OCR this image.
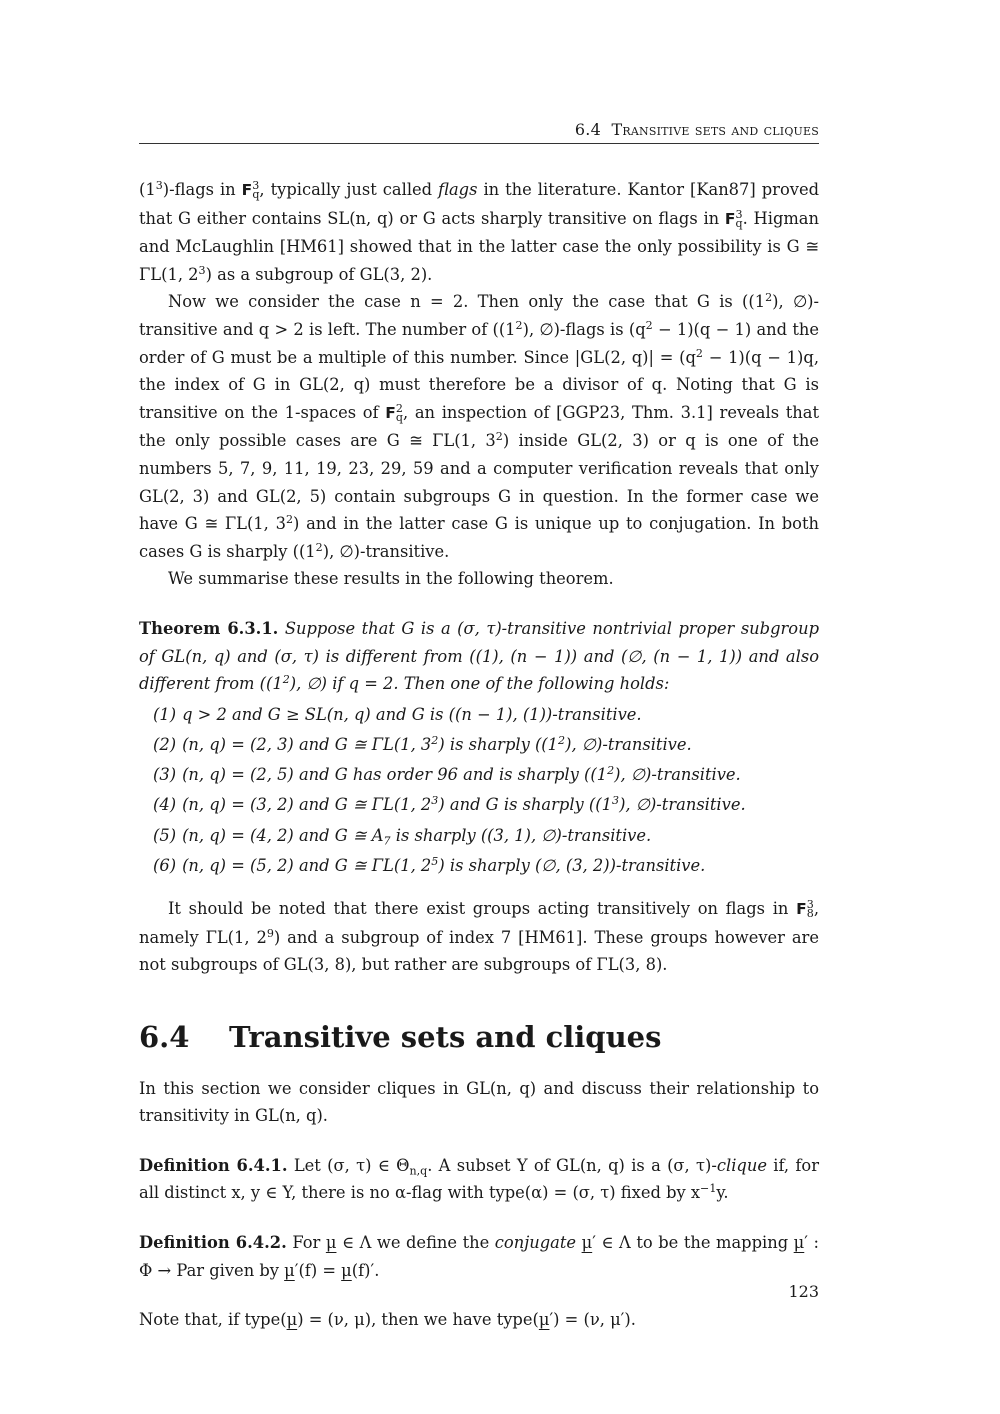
6.4 Transitive sets and cliques

$(1^3)$-flags in $F^3_q$, typically just called flags in the literature. Kantor [Kan87] proved that G either contains SL(n, q) or G acts sharply transitive on flags in $F^3_q$. Higman and McLaughlin [HM61] showed that in the latter case the only possibility is G ≅ ΓL(1, $2^3$) as a subgroup of GL(3, 2).

Now we consider the case n = 2. Then only the case that G is ($(1^2)$, ∅)-transitive and q > 2 is left. The number of ($(1^2)$, ∅)-flags is $(q^2 - 1)(q - 1)$ and the order of G must be a multiple of this number. Since |GL(2, $q)| = (q^2 - 1)(q - 1)q$, the index of G in GL(2, q) must therefore be a divisor of q. Noting that G is transitive on the 1-spaces of $F^2_q$, an inspection of [GGP23, Thm. 3.1] reveals that the only possible cases are G ≅ ΓL(1, $3^2$) inside GL(2, 3) or q is one of the numbers 5, 7, 9, 11, 19, 23, 29, 59 and a computer verification reveals that only GL(2, 3) and GL(2, 5) contain subgroups G in question. In the former case we have G ≅ ΓL(1, $3^2$) and in the latter case G is unique up to conjugation. In both cases G is sharply ($(1^2)$, ∅)-transitive.

We summarise these results in the following theorem.

Theorem 6.3.1. Suppose that G is a (σ, τ)-transitive nontrivial proper subgroup of GL(n, q) and (σ, τ) is different from ((1), (n − 1)) and (∅, (n − 1, 1)) and also different from ($(1^2)$, ∅) if q = 2. Then one of the following holds:

(1) q > 2 and G ≥ SL(n, q) and G is ((n − 1), (1))-transitive.
(2) (n, q) = (2, 3) and G ≅ ΓL(1, $3^2$) is sharply ($(1^2)$, ∅)-transitive.
(3) (n, q) = (2, 5) and G has order 96 and is sharply ($(1^2)$, ∅)-transitive.
(4) (n, q) = (3, 2) and G ≅ ΓL(1, $2^3$) and G is sharply ($(1^3)$, ∅)-transitive.
(5) (n, q) = (4, 2) and G ≅ $A_7$ is sharply ((3, 1), ∅)-transitive.
(6) (n, q) = (5, 2) and G ≅ ΓL(1, $2^5$) is sharply (∅, (3, 2))-transitive.

It should be noted that there exist groups acting transitively on flags in $F^3_8$, namely ΓL(1, $2^9$) and a subgroup of index 7 [HM61]. These groups however are not subgroups of GL(3, 8), but rather are subgroups of ΓL(3, 8).

6.4 Transitive sets and cliques

In this section we consider cliques in GL(n, q) and discuss their relationship to transitivity in GL(n, q).

Definition 6.4.1. Let (σ, τ) ∈ $\Theta_{n,q}$. A subset Y of GL(n, q) is a (σ, τ)-clique if, for all distinct x, y ∈ Y, there is no α-flag with type(α) = (σ, τ) fixed by $x^{-1}y$.

Definition 6.4.2. For μ ∈ Λ we define the conjugate μ′ ∈ Λ to be the mapping μ′ : Φ → Par given by μ′(f) = μ(f)′.

Note that, if type(μ) = (ν, μ), then we have type(μ′) = (ν, μ′).

123
